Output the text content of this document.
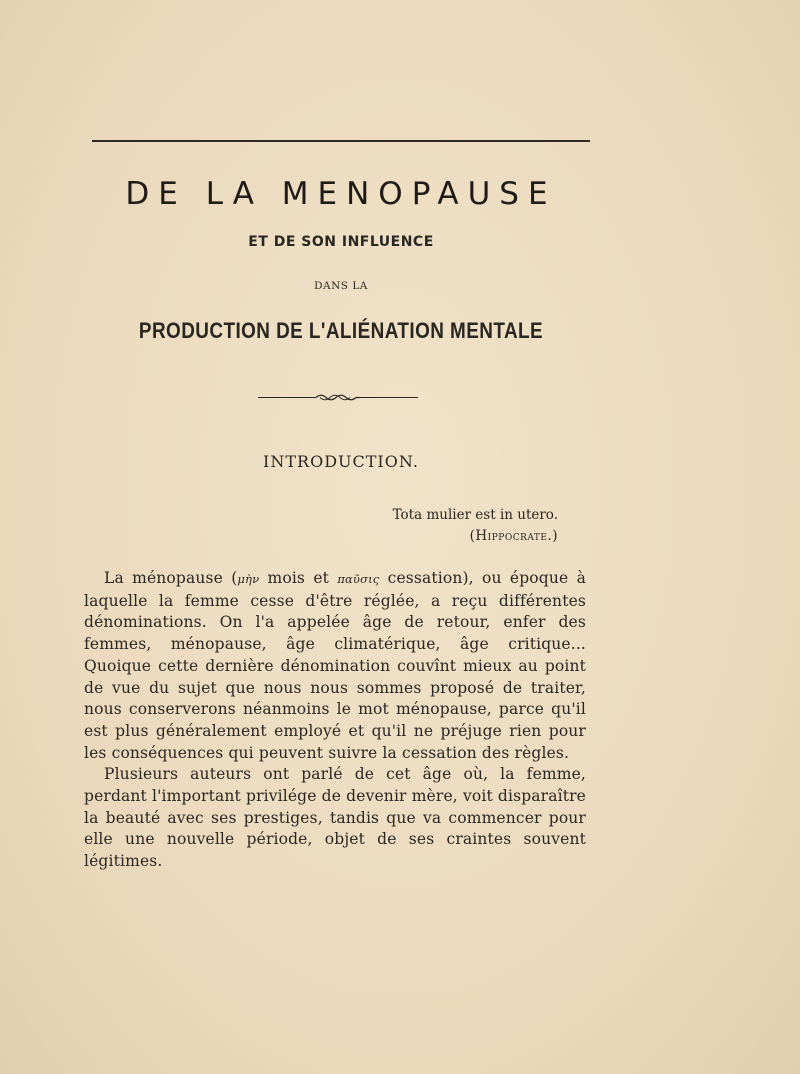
DE LA MENOPAUSE
ET DE SON INFLUENCE
DANS LA
PRODUCTION DE L'ALIÉNATION MENTALE
INTRODUCTION.
Tota mulier est in utero.
(Hippocrate.)

La ménopause (μὴν mois et παῦσις cessation), ou époque à laquelle la femme cesse d'être réglée, a reçu différentes dénominations. On l'a appelée âge de retour, enfer des femmes, ménopause, âge climatérique, âge critique... Quoique cette dernière dénomination couvînt mieux au point de vue du sujet que nous nous sommes proposé de traiter, nous conserverons néanmoins le mot ménopause, parce qu'il est plus généralement employé et qu'il ne préjuge rien pour les conséquences qui peuvent suivre la cessation des règles.

Plusieurs auteurs ont parlé de cet âge où, la femme, perdant l'important privilége de devenir mère, voit disparaître la beauté avec ses prestiges, tandis que va commencer pour elle une nouvelle période, objet de ses craintes souvent légitimes.
